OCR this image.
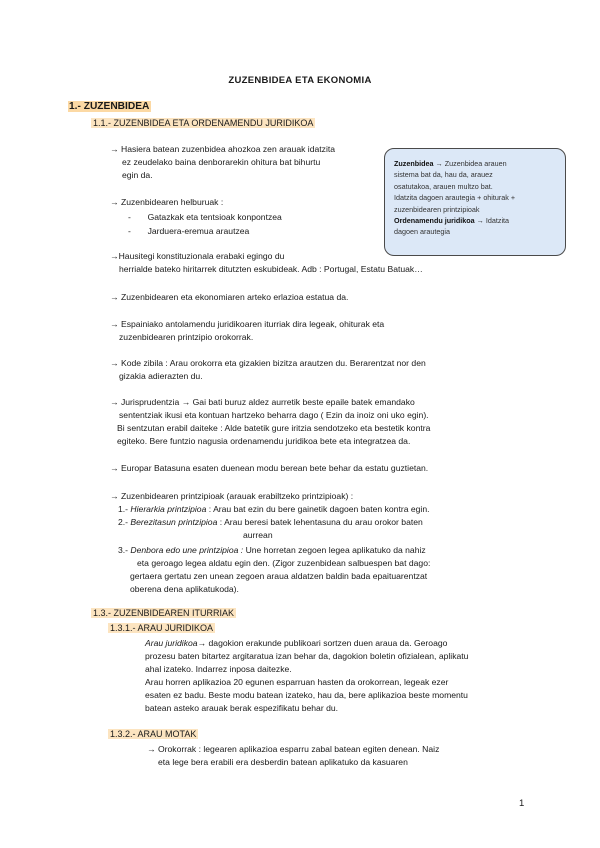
ZUZENBIDEA ETA EKONOMIA
1.- ZUZENBIDEA
1.1.- ZUZENBIDEA ETA ORDENAMENDU JURIDIKOA
→ Hasiera batean zuzenbidea ahozkoa zen arauak idatzita
ez zeudelako baina denborarekin ohitura bat bihurtu
egin da.
→ Zuzenbidearen helburuak :
-       Gatazkak eta tentsioak konpontzea
-       Jarduera-eremua arautzea
Zuzenbidea → Zuzenbidea arauen
sistema bat da, hau da, arauez
osatutakoa, arauen multzo bat.
Idatzita dagoen arautegia + ohiturak +
zuzenbidearen printzipioak
Ordenamendu juridikoa → Idatzita
dagoen arautegia
→Hausitegi konstituzionala erabaki egingo du
herrialde bateko hiritarrek ditutzten eskubideak. Adb : Portugal, Estatu Batuak…
→ Zuzenbidearen eta ekonomiaren arteko erlazioa estatua da.
→ Espainiako antolamendu juridikoaren iturriak dira legeak, ohiturak eta
zuzenbidearen printzipio orokorrak.
→ Kode zibila : Arau orokorra eta gizakien bizitza arautzen du. Berarentzat nor den
gizakia adierazten du.
→ Jurisprudentzia → Gai bati buruz aldez aurretik beste epaile batek emandako
sententziak ikusi eta kontuan hartzeko beharra dago ( Ezin da inoiz oni uko egin).
Bi sentzutan erabil daiteke : Alde batetik gure iritzia sendotzeko eta bestetik kontra
egiteko. Bere funtzio nagusia ordenamendu juridikoa bete eta integratzea da.
→ Europar Batasuna esaten duenean modu berean bete behar da estatu guztietan.
→ Zuzenbidearen printzipioak (arauak erabiltzeko printzipioak) :
1.- Hierarkia printzipioa : Arau bat ezin du bere gainetik dagoen baten kontra egin.
2.- Berezitasun printzipioa : Arau beresi batek lehentasuna du arau orokor baten
aurrean
3.- Denbora edo une printzipioa : Une horretan zegoen legea aplikatuko da nahiz
eta geroago legea aldatu egin den. (Zigor zuzenbidean salbuespen bat dago:
gertaera gertatu zen unean zegoen araua aldatzen baldin bada epaituarentzat
oberena dena aplikatukoda).
1.3.- ZUZENBIDEAREN ITURRIAK
1.3.1.- ARAU JURIDIKOA
Arau juridikoa→ dagokion erakunde publikoari sortzen duen araua da. Geroago
prozesu baten bitartez argitaratua izan behar da, dagokion boletin ofizialean, aplikatu
ahal izateko. Indarrez inposa daitezke.
Arau horren aplikazioa 20 egunen esparruan hasten da orokorrean, legeak ezer
esaten ez badu. Beste modu batean izateko, hau da, bere aplikazioa beste momentu
batean asteko arauak berak espezifikatu behar du.
1.3.2.- ARAU MOTAK
→ Orokorrak : legearen aplikazioa esparru zabal batean egiten denean. Naiz
eta lege bera erabili era desberdin batean aplikatuko da kasuaren
1
